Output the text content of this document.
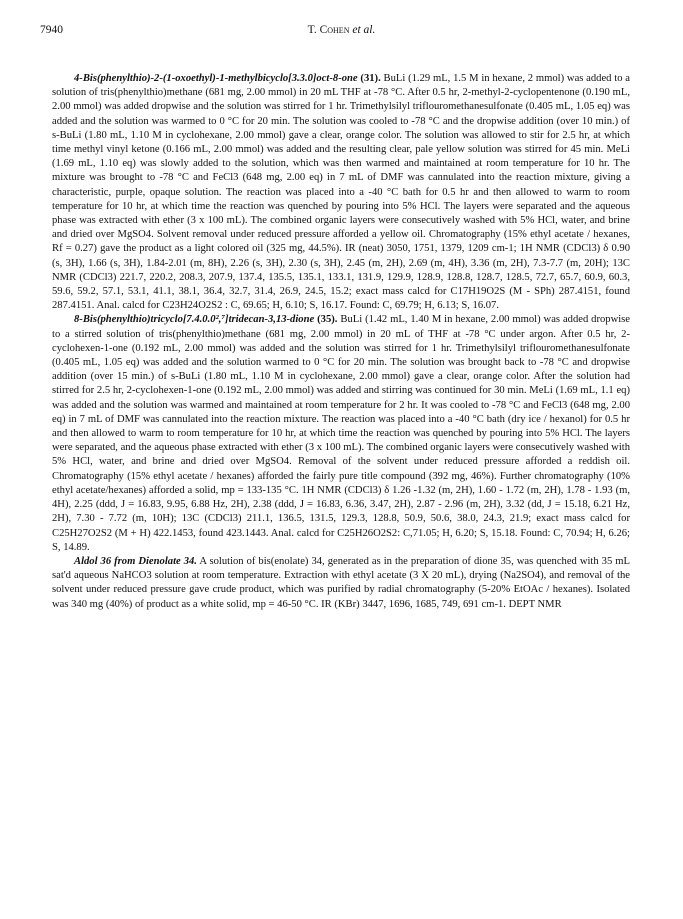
7940	T. Cohen et al.

4-Bis(phenylthio)-2-(1-oxoethyl)-1-methylbicyclo[3.3.0]oct-8-one (31). BuLi (1.29 mL, 1.5 M in hexane, 2 mmol) was added to a solution of tris(phenylthio)methane (681 mg, 2.00 mmol) in 20 mL THF at -78 °C. After 0.5 hr, 2-methyl-2-cyclopentenone (0.190 mL, 2.00 mmol) was added dropwise and the solution was stirred for 1 hr. Trimethylsilyl triflouromethanesulfonate (0.405 mL, 1.05 eq) was added and the solution was warmed to 0 °C for 20 min. The solution was cooled to -78 °C and the dropwise addition (over 10 min.) of s-BuLi (1.80 mL, 1.10 M in cyclohexane, 2.00 mmol) gave a clear, orange color. The solution was allowed to stir for 2.5 hr, at which time methyl vinyl ketone (0.166 mL, 2.00 mmol) was added and the resulting clear, pale yellow solution was stirred for 45 min. MeLi (1.69 mL, 1.10 eq) was slowly added to the solution, which was then warmed and maintained at room temperature for 10 hr. The mixture was brought to -78 °C and FeCl3 (648 mg, 2.00 eq) in 7 mL of DMF was cannulated into the reaction mixture, giving a characteristic, purple, opaque solution. The reaction was placed into a -40 °C bath for 0.5 hr and then allowed to warm to room temperature for 10 hr, at which time the reaction was quenched by pouring into 5% HCl. The layers were separated and the aqueous phase was extracted with ether (3 x 100 mL). The combined organic layers were consecutively washed with 5% HCl, water, and brine and dried over MgSO4. Solvent removal under reduced pressure afforded a yellow oil. Chromatography (15% ethyl acetate / hexanes, Rf = 0.27) gave the product as a light colored oil (325 mg, 44.5%). IR (neat) 3050, 1751, 1379, 1209 cm-1; 1H NMR (CDCl3) δ 0.90 (s, 3H), 1.66 (s, 3H), 1.84-2.01 (m, 8H), 2.26 (s, 3H), 2.30 (s, 3H), 2.45 (m, 2H), 2.69 (m, 4H), 3.36 (m, 2H), 7.3-7.7 (m, 20H); 13C NMR (CDCl3) 221.7, 220.2, 208.3, 207.9, 137.4, 135.5, 135.1, 133.1, 131.9, 129.9, 128.9, 128.8, 128.7, 128.5, 72.7, 65.7, 60.9, 60.3, 59.6, 59.2, 57.1, 53.1, 41.1, 38.1, 36.4, 32.7, 31.4, 26.9, 24.5, 15.2; exact mass calcd for C17H19O2S (M - SPh) 287.4151, found 287.4151. Anal. calcd for C23H24O2S2 : C, 69.65; H, 6.10; S, 16.17. Found: C, 69.79; H, 6.13; S, 16.07.

8-Bis(phenylthio)tricyclo[7.4.0.0²,⁷]tridecan-3,13-dione (35). BuLi (1.42 mL, 1.40 M in hexane, 2.00 mmol) was added dropwise to a stirred solution of tris(phenylthio)methane (681 mg, 2.00 mmol) in 20 mL of THF at -78 °C under argon. After 0.5 hr, 2-cyclohexen-1-one (0.192 mL, 2.00 mmol) was added and the solution was stirred for 1 hr. Trimethylsilyl triflouromethanesulfonate (0.405 mL, 1.05 eq) was added and the solution warmed to 0 °C for 20 min. The solution was brought back to -78 °C and dropwise addition (over 15 min.) of s-BuLi (1.80 mL, 1.10 M in cyclohexane, 2.00 mmol) gave a clear, orange color. After the solution had stirred for 2.5 hr, 2-cyclohexen-1-one (0.192 mL, 2.00 mmol) was added and stirring was continued for 30 min. MeLi (1.69 mL, 1.1 eq) was added and the solution was warmed and maintained at room temperature for 2 hr. It was cooled to -78 °C and FeCl3 (648 mg, 2.00 eq) in 7 mL of DMF was cannulated into the reaction mixture. The reaction was placed into a -40 °C bath (dry ice / hexanol) for 0.5 hr and then allowed to warm to room temperature for 10 hr, at which time the reaction was quenched by pouring into 5% HCl. The layers were separated, and the aqueous phase extracted with ether (3 x 100 mL). The combined organic layers were consecutively washed with 5% HCl, water, and brine and dried over MgSO4. Removal of the solvent under reduced pressure afforded a reddish oil. Chromatography (15% ethyl acetate / hexanes) afforded the fairly pure title compound (392 mg, 46%). Further chromatography (10% ethyl acetate/hexanes) afforded a solid, mp = 133-135 °C. 1H NMR (CDCl3) δ 1.26 -1.32 (m, 2H), 1.60 - 1.72 (m, 2H), 1.78 - 1.93 (m, 4H), 2.25 (ddd, J = 16.83, 9.95, 6.88 Hz, 2H), 2.38 (ddd, J = 16.83, 6.36, 3.47, 2H), 2.87 - 2.96 (m, 2H), 3.32 (dd, J = 15.18, 6.21 Hz, 2H), 7.30 - 7.72 (m, 10H); 13C (CDCl3) 211.1, 136.5, 131.5, 129.3, 128.8, 50.9, 50.6, 38.0, 24.3, 21.9; exact mass calcd for C25H27O2S2 (M + H) 422.1453, found 423.1443. Anal. calcd for C25H26O2S2: C,71.05; H, 6.20; S, 15.18. Found: C, 70.94; H, 6.26; S, 14.89.

Aldol 36 from Dienolate 34. A solution of bis(enolate) 34, generated as in the preparation of dione 35, was quenched with 35 mL sat'd aqueous NaHCO3 solution at room temperature. Extraction with ethyl acetate (3 X 20 mL), drying (Na2SO4), and removal of the solvent under reduced pressure gave crude product, which was purified by radial chromatography (5-20% EtOAc / hexanes). Isolated was 340 mg (40%) of product as a white solid, mp = 46-50 °C. IR (KBr) 3447, 1696, 1685, 749, 691 cm-1. DEPT NMR
